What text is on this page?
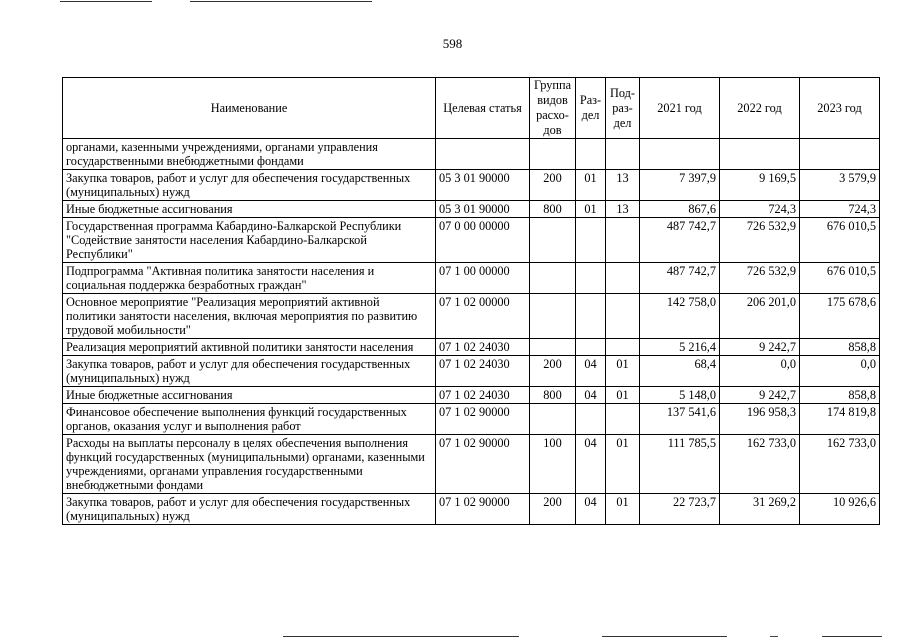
598
Наименование	Целевая статья	Группа видов расхо-дов	Раз-дел	Под-раз-дел	2021 год	2022 год	2023 год
органами, казенными учреждениями, органами управления государственными внебюджетными фондами							
Закупка товаров, работ и услуг для обеспечения государственных (муниципальных) нужд	05 3 01 90000	200	01	13	7 397,9	9 169,5	3 579,9
Иные бюджетные ассигнования	05 3 01 90000	800	01	13	867,6	724,3	724,3
Государственная программа Кабардино-Балкарской Республики "Содействие занятости населения Кабардино-Балкарской Республики"	07 0 00 00000				487 742,7	726 532,9	676 010,5
Подпрограмма "Активная политика занятости населения и социальная поддержка безработных граждан"	07 1 00 00000				487 742,7	726 532,9	676 010,5
Основное мероприятие "Реализация мероприятий активной политики занятости населения, включая мероприятия по развитию трудовой мобильности"	07 1 02 00000				142 758,0	206 201,0	175 678,6
Реализация мероприятий активной политики занятости населения	07 1 02 24030				5 216,4	9 242,7	858,8
Закупка товаров, работ и услуг для обеспечения государственных (муниципальных) нужд	07 1 02 24030	200	04	01	68,4	0,0	0,0
Иные бюджетные ассигнования	07 1 02 24030	800	04	01	5 148,0	9 242,7	858,8
Финансовое обеспечение выполнения функций государственных органов, оказания услуг и выполнения работ	07 1 02 90000				137 541,6	196 958,3	174 819,8
Расходы на выплаты персоналу в целях обеспечения выполнения функций государственных (муниципальными) органами, казенными учреждениями, органами управления государственными внебюджетными фондами	07 1 02 90000	100	04	01	111 785,5	162 733,0	162 733,0
Закупка товаров, работ и услуг для обеспечения государственных (муниципальных) нужд	07 1 02 90000	200	04	01	22 723,7	31 269,2	10 926,6
